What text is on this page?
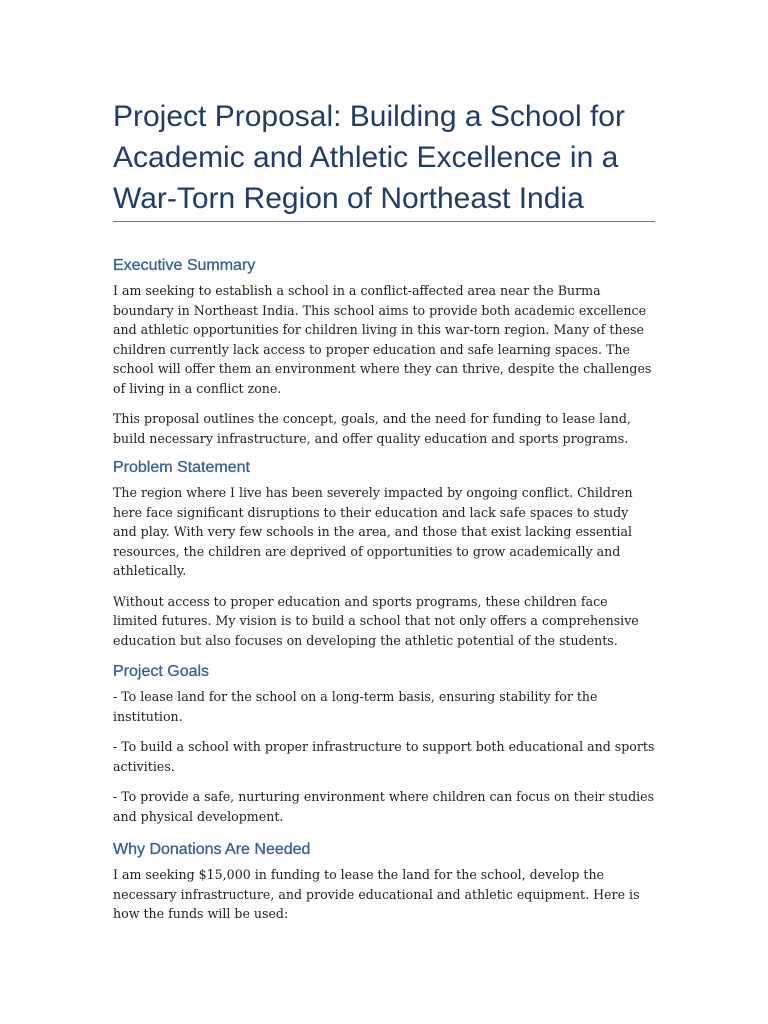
Project Proposal: Building a School for Academic and Athletic Excellence in a War-Torn Region of Northeast India
Executive Summary

I am seeking to establish a school in a conflict-affected area near the Burma boundary in Northeast India. This school aims to provide both academic excellence and athletic opportunities for children living in this war-torn region. Many of these children currently lack access to proper education and safe learning spaces. The school will offer them an environment where they can thrive, despite the challenges of living in a conflict zone.

This proposal outlines the concept, goals, and the need for funding to lease land, build necessary infrastructure, and offer quality education and sports programs.

Problem Statement

The region where I live has been severely impacted by ongoing conflict. Children here face significant disruptions to their education and lack safe spaces to study and play. With very few schools in the area, and those that exist lacking essential resources, the children are deprived of opportunities to grow academically and athletically.

Without access to proper education and sports programs, these children face limited futures. My vision is to build a school that not only offers a comprehensive education but also focuses on developing the athletic potential of the students.

Project Goals

- To lease land for the school on a long-term basis, ensuring stability for the institution.

- To build a school with proper infrastructure to support both educational and sports activities.

- To provide a safe, nurturing environment where children can focus on their studies and physical development.

Why Donations Are Needed

I am seeking $15,000 in funding to lease the land for the school, develop the necessary infrastructure, and provide educational and athletic equipment. Here is how the funds will be used:
